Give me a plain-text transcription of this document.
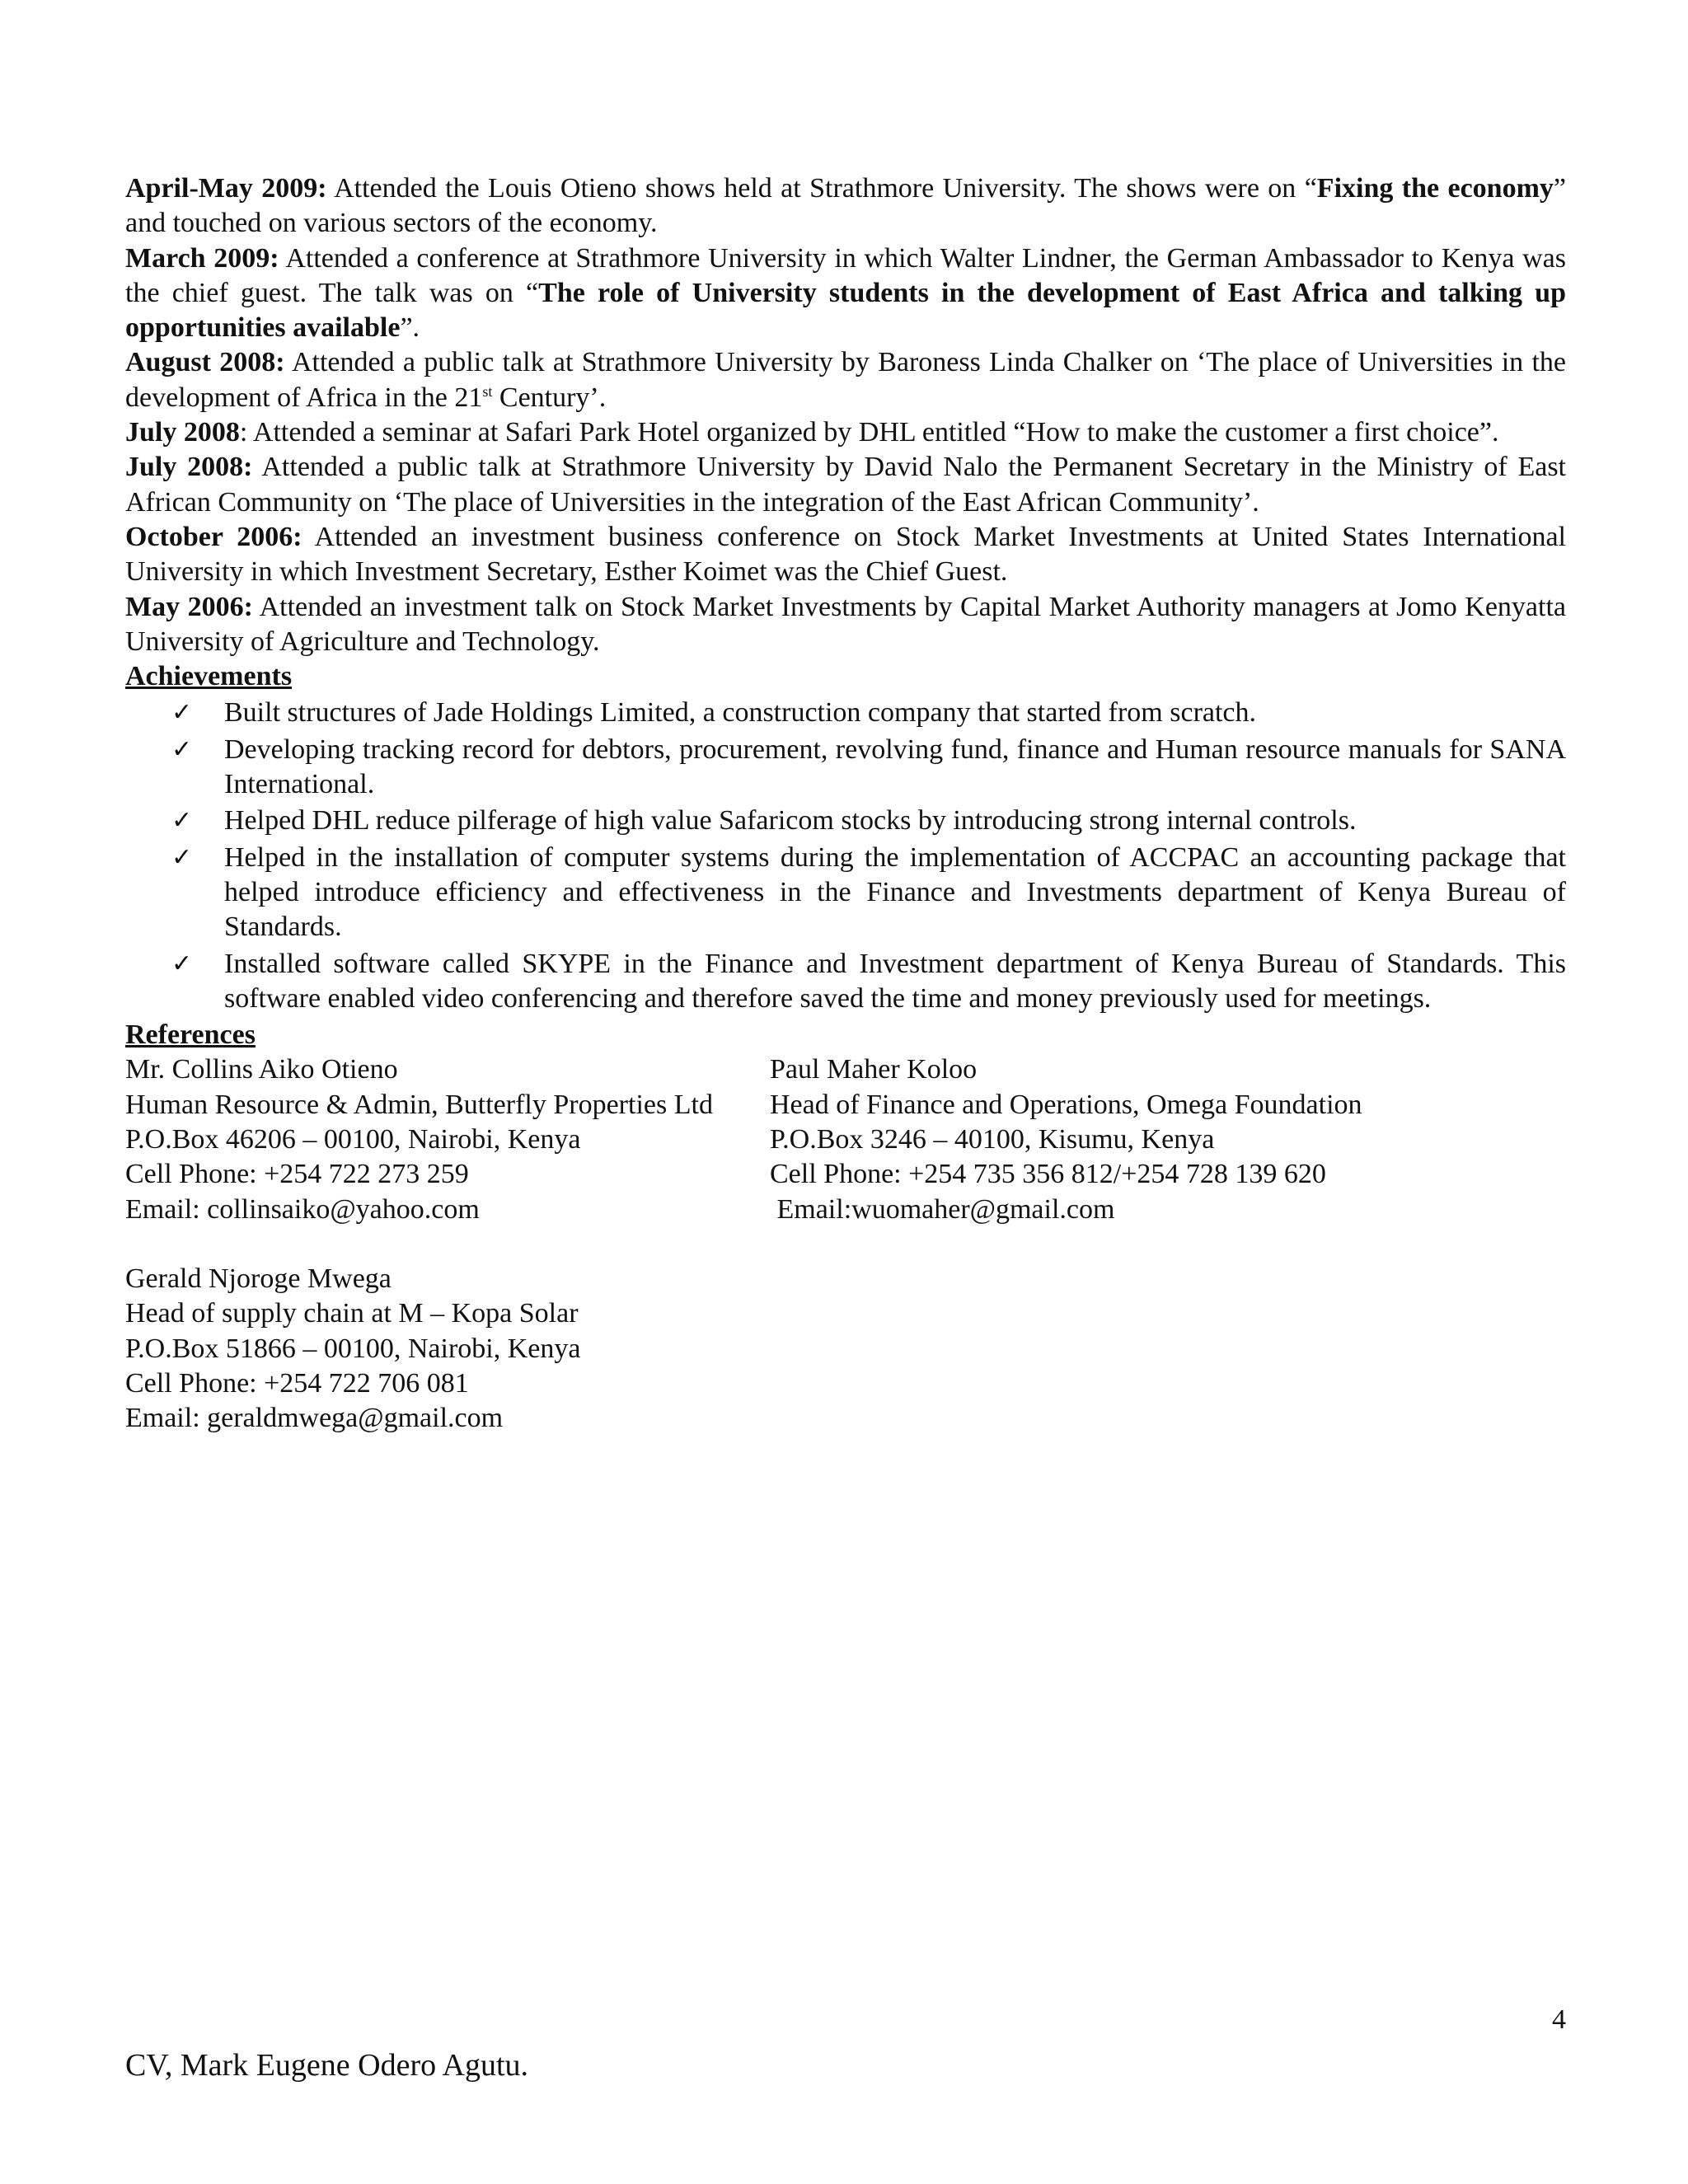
April-May 2009: Attended the Louis Otieno shows held at Strathmore University. The shows were on “Fixing the economy” and touched on various sectors of the economy.

March 2009: Attended a conference at Strathmore University in which Walter Lindner, the German Ambassador to Kenya was the chief guest. The talk was on “The role of University students in the development of East Africa and talking up opportunities available”.

August 2008: Attended a public talk at Strathmore University by Baroness Linda Chalker on ‘The place of Universities in the development of Africa in the 21st Century’.

July 2008: Attended a seminar at Safari Park Hotel organized by DHL entitled “How to make the customer a first choice”.

July 2008: Attended a public talk at Strathmore University by David Nalo the Permanent Secretary in the Ministry of East African Community on ‘The place of Universities in the integration of the East African Community’.

October 2006: Attended an investment business conference on Stock Market Investments at United States International University in which Investment Secretary, Esther Koimet was the Chief Guest.

May 2006: Attended an investment talk on Stock Market Investments by Capital Market Authority managers at Jomo Kenyatta University of Agriculture and Technology.

Achievements

✓ Built structures of Jade Holdings Limited, a construction company that started from scratch.
✓ Developing tracking record for debtors, procurement, revolving fund, finance and Human resource manuals for SANA International.
✓ Helped DHL reduce pilferage of high value Safaricom stocks by introducing strong internal controls.
✓ Helped in the installation of computer systems during the implementation of ACCPAC an accounting package that helped introduce efficiency and effectiveness in the Finance and Investments department of Kenya Bureau of Standards.
✓ Installed software called SKYPE in the Finance and Investment department of Kenya Bureau of Standards. This software enabled video conferencing and therefore saved the time and money previously used for meetings.

References

Mr. Collins Aiko Otieno
Human Resource & Admin, Butterfly Properties Ltd
P.O.Box 46206 – 00100, Nairobi, Kenya
Cell Phone: +254 722 273 259
Email: collinsaiko@yahoo.com
Paul Maher Koloo
Head of Finance and Operations, Omega Foundation
P.O.Box 3246 – 40100, Kisumu, Kenya
Cell Phone: +254 735 356 812/+254 728 139 620
Email:wuomaher@gmail.com
Gerald Njoroge Mwega
Head of supply chain at M – Kopa Solar
P.O.Box 51866 – 00100, Nairobi, Kenya
Cell Phone: +254 722 706 081
Email: geraldmwega@gmail.com
4
CV, Mark Eugene Odero Agutu.
